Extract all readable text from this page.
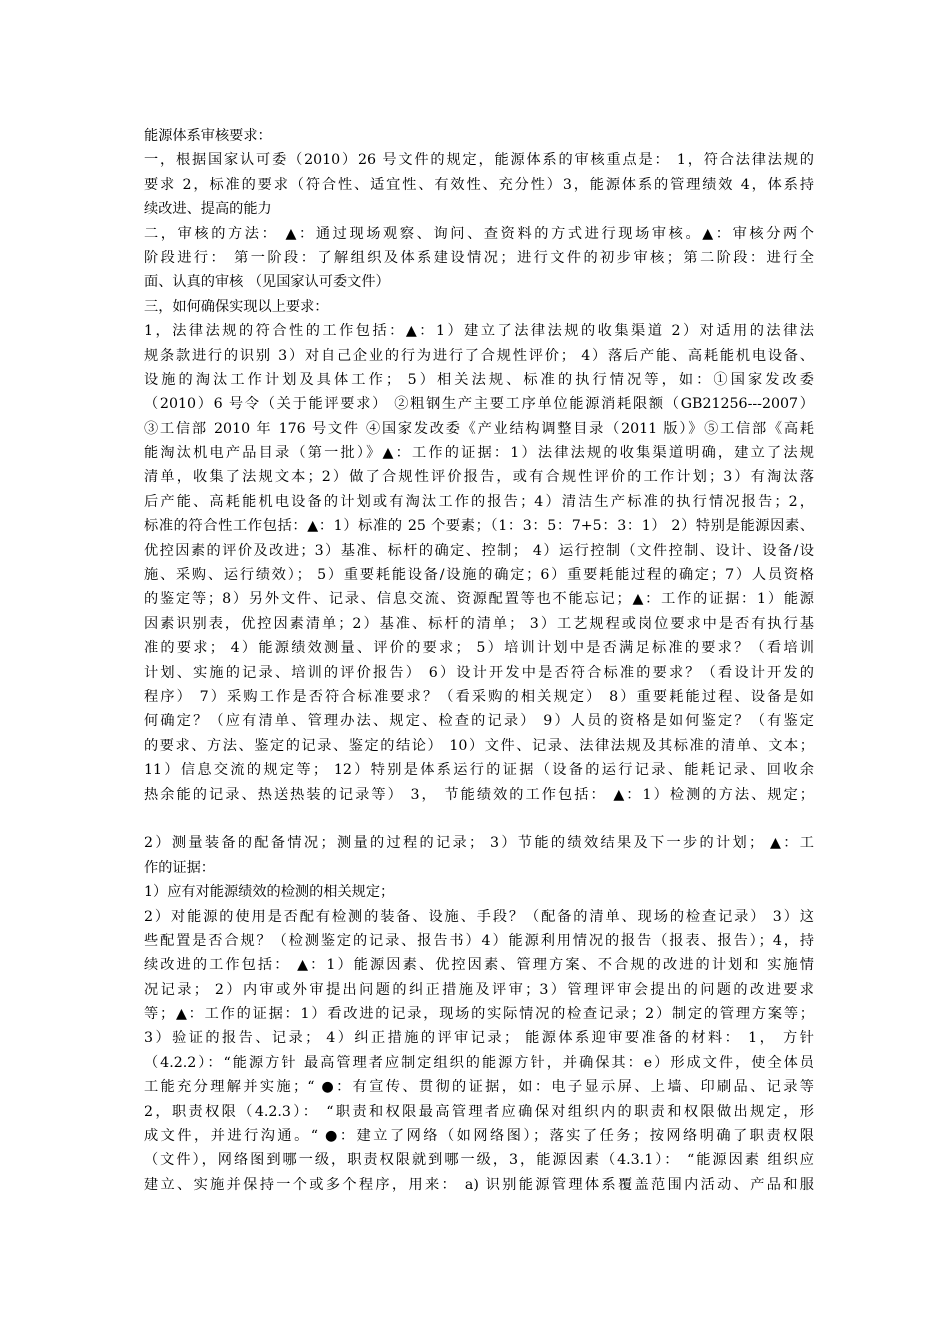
能源体系审核要求：
一，根据国家认可委（2010）26 号文件的规定，能源体系的审核重点是： 1，符合法律法规的
要求 2，标准的要求（符合性、适宜性、有效性、充分性）3，能源体系的管理绩效 4，体系持
续改进、提高的能力
二，审核的方法： ▲：通过现场观察、询问、查资料的方式进行现场审核。▲：审核分两个
阶段进行： 第一阶段：了解组织及体系建设情况；进行文件的初步审核；第二阶段：进行全
面、认真的审核 （见国家认可委文件）
三，如何确保实现以上要求：
1，法律法规的符合性的工作包括：▲：1）建立了法律法规的收集渠道 2）对适用的法律法
规条款进行的识别 3）对自己企业的行为进行了合规性评价； 4）落后产能、高耗能机电设备、
设施的淘汰工作计划及具体工作； 5）相关法规、标准的执行情况等，如：①国家发改委
（2010）6 号令（关于能评要求） ②粗钢生产主要工序单位能源消耗限额（GB21256---2007）
③工信部 2010 年 176 号文件 ④国家发改委《产业结构调整目录（2011 版）》⑤工信部《高耗
能淘汰机电产品目录（第一批）》▲：工作的证据：1）法律法规的收集渠道明确，建立了法规
清单，收集了法规文本；2）做了合规性评价报告，或有合规性评价的工作计划；3）有淘汰落
后产能、高耗能机电设备的计划或有淘汰工作的报告；4）清洁生产标准的执行情况报告；2，
标准的符合性工作包括：▲：1）标准的 25 个要素；（1：3：5：7+5：3：1） 2）特别是能源因素、
优控因素的评价及改进；3）基准、标杆的确定、控制； 4）运行控制（文件控制、设计、设备/设
施、采购、运行绩效）； 5）重要耗能设备/设施的确定；6）重要耗能过程的确定；7）人员资格
的鉴定等；8）另外文件、记录、信息交流、资源配置等也不能忘记；▲：工作的证据：1）能源
因素识别表，优控因素清单；2）基准、标杆的清单； 3）工艺规程或岗位要求中是否有执行基
准的要求； 4）能源绩效测量、评价的要求； 5）培训计划中是否满足标准的要求？（看培训
计划、实施的记录、培训的评价报告） 6）设计开发中是否符合标准的要求？（看设计开发的
程序） 7）采购工作是否符合标准要求？（看采购的相关规定） 8）重要耗能过程、设备是如
何确定？（应有清单、管理办法、规定、检查的记录） 9）人员的资格是如何鉴定？（有鉴定
的要求、方法、鉴定的记录、鉴定的结论） 10）文件、记录、法律法规及其标准的清单、文本；
11）信息交流的规定等； 12）特别是体系运行的证据（设备的运行记录、能耗记录、回收余
热余能的记录、热送热装的记录等） 3， 节能绩效的工作包括： ▲：1）检测的方法、规定；
2）测量装备的配备情况；测量的过程的记录； 3）节能的绩效结果及下一步的计划； ▲：工
作的证据：
1）应有对能源绩效的检测的相关规定；
2）对能源的使用是否配有检测的装备、设施、手段？（配备的清单、现场的检查记录） 3）这
些配置是否合规？（检测鉴定的记录、报告书）4）能源利用情况的报告（报表、报告）；4，持
续改进的工作包括： ▲：1）能源因素、优控因素、管理方案、不合规的改进的计划和 实施情
况记录； 2）内审或外审提出问题的纠正措施及评审；3）管理评审会提出的问题的改进要求
等；▲：工作的证据：1）看改进的记录，现场的实际情况的检查记录；2）制定的管理方案等；
3）验证的报告、记录； 4）纠正措施的评审记录； 能源体系迎审要准备的材料： 1， 方针
（4.2.2）：“能源方针 最高管理者应制定组织的能源方针，并确保其：e）形成文件，使全体员
工能充分理解并实施；“ ●：有宣传、贯彻的证据，如：电子显示屏、上墙、印刷品、记录等
2，职责权限（4.2.3）： “职责和权限最高管理者应确保对组织内的职责和权限做出规定，形
成文件，并进行沟通。“ ●：建立了网络（如网络图）；落实了任务；按网络明确了职责权限
（文件），网络图到哪一级，职责权限就到哪一级，3，能源因素（4.3.1）： “能源因素 组织应
建立、实施并保持一个或多个程序，用来： a) 识别能源管理体系覆盖范围内活动、产品和服
